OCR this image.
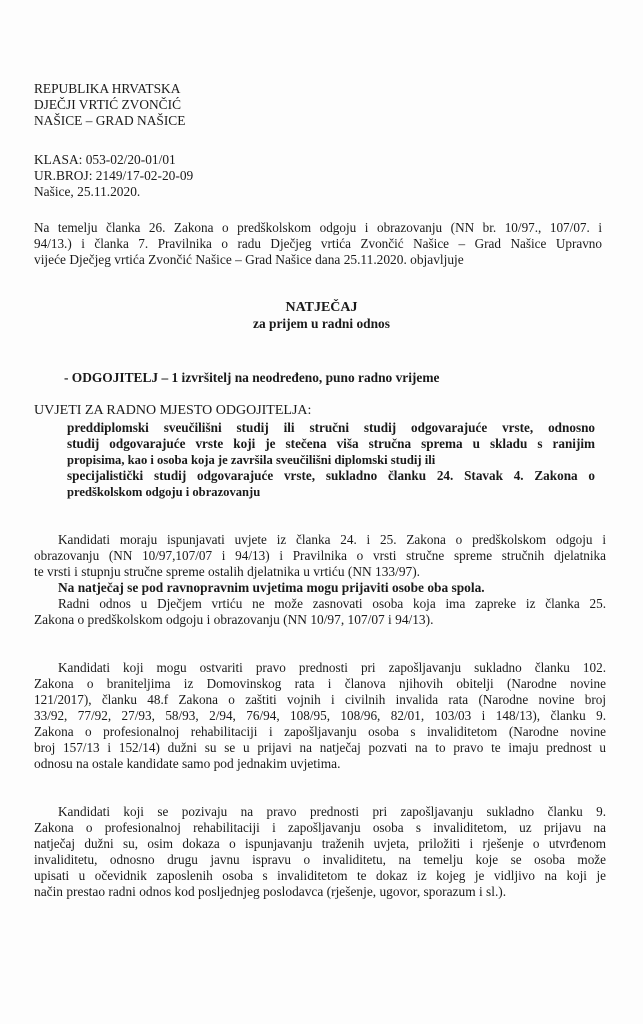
REPUBLIKA HRVATSKA
DJEČJI VRTIĆ ZVONČIĆ
NAŠICE – GRAD NAŠICE
KLASA: 053-02/20-01/01
UR.BROJ: 2149/17-02-20-09
Našice, 25.11.2020.
Na temelju članka 26. Zakona o predškolskom odgoju i obrazovanju (NN br. 10/97., 107/07. i
94/13.) i članka 7. Pravilnika o radu Dječjeg vrtića Zvončić Našice – Grad Našice Upravno
vijeće Dječjeg vrtića Zvončić Našice – Grad Našice dana 25.11.2020. objavljuje
NATJEČAJ
za prijem u radni odnos
- ODGOJITELJ – 1 izvršitelj na neodređeno, puno radno vrijeme
UVJETI ZA RADNO MJESTO ODGOJITELJA:
preddiplomski sveučilišni studij ili stručni studij odgovarajuće vrste, odnosno
studij odgovarajuće vrste koji je stečena viša stručna sprema u skladu s ranijim
propisima, kao i osoba koja je završila sveučilišni diplomski studij ili
specijalistički studij odgovarajuće vrste, sukladno članku 24. Stavak 4. Zakona o
predškolskom odgoju i obrazovanju
Kandidati moraju ispunjavati uvjete iz članka 24. i 25. Zakona o predškolskom odgoju i
obrazovanju (NN 10/97,107/07 i 94/13) i Pravilnika o vrsti stručne spreme stručnih djelatnika
te vrsti i stupnju stručne spreme ostalih djelatnika u vrtiću (NN 133/97).
Na natječaj se pod ravnopravnim uvjetima mogu prijaviti osobe oba spola.
Radni odnos u Dječjem vrtiću ne može zasnovati osoba koja ima zapreke iz članka 25.
Zakona o predškolskom odgoju i obrazovanju (NN 10/97, 107/07 i 94/13).
Kandidati koji mogu ostvariti pravo prednosti pri zapošljavanju sukladno članku 102.
Zakona o braniteljima iz Domovinskog rata i članova njihovih obitelji (Narodne novine
121/2017), članku 48.f Zakona o zaštiti vojnih i civilnih invalida rata (Narodne novine broj
33/92, 77/92, 27/93, 58/93, 2/94, 76/94, 108/95, 108/96, 82/01, 103/03 i 148/13), članku 9.
Zakona o profesionalnoj rehabilitaciji i zapošljavanju osoba s invaliditetom (Narodne novine
broj 157/13 i 152/14) dužni su se u prijavi na natječaj pozvati na to pravo te imaju prednost u
odnosu na ostale kandidate samo pod jednakim uvjetima.
Kandidati koji se pozivaju na pravo prednosti pri zapošljavanju sukladno članku 9.
Zakona o profesionalnoj rehabilitaciji i zapošljavanju osoba s invaliditetom, uz prijavu na
natječaj dužni su, osim dokaza o ispunjavanju traženih uvjeta, priložiti i rješenje o utvrđenom
invaliditetu, odnosno drugu javnu ispravu o invaliditetu, na temelju koje se osoba može
upisati u očevidnik zaposlenih osoba s invaliditetom te dokaz iz kojeg je vidljivo na koji je
način prestao radni odnos kod posljednjeg poslodavca (rješenje, ugovor, sporazum i sl.).
